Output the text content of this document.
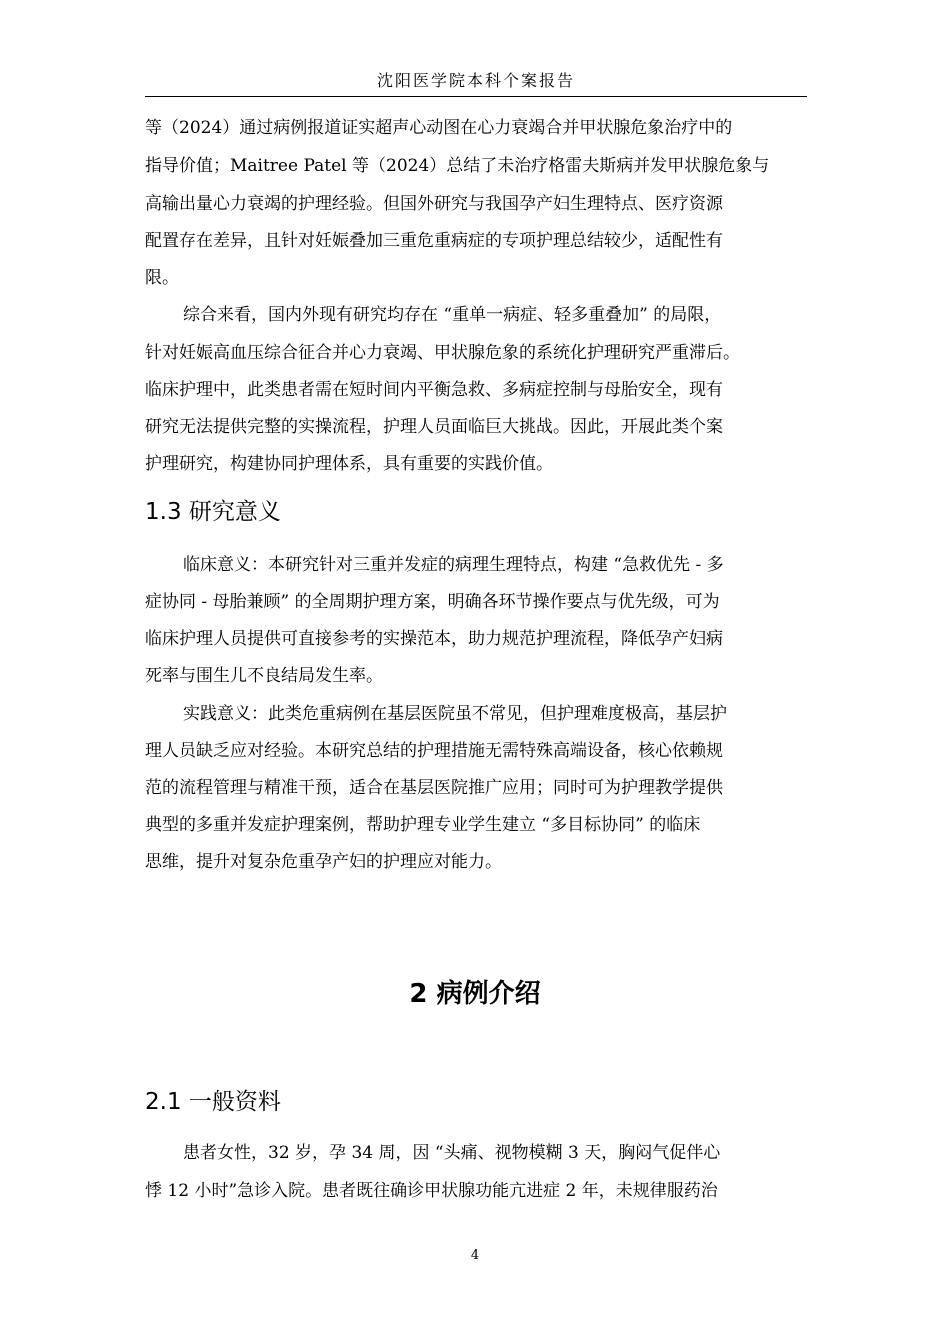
沈阳医学院本科个案报告
等（2024）通过病例报道证实超声心动图在心力衰竭合并甲状腺危象治疗中的
指导价值；Maitree Patel 等（2024）总结了未治疗格雷夫斯病并发甲状腺危象与
高输出量心力衰竭的护理经验。但国外研究与我国孕产妇生理特点、医疗资源
配置存在差异，且针对妊娠叠加三重危重病症的专项护理总结较少，适配性有
限。
综合来看，国内外现有研究均存在 “重单一病症、轻多重叠加” 的局限，
针对妊娠高血压综合征合并心力衰竭、甲状腺危象的系统化护理研究严重滞后。
临床护理中，此类患者需在短时间内平衡急救、多病症控制与母胎安全，现有
研究无法提供完整的实操流程，护理人员面临巨大挑战。因此，开展此类个案
护理研究，构建协同护理体系，具有重要的实践价值。
1.3 研究意义
临床意义：本研究针对三重并发症的病理生理特点，构建 “急救优先 - 多
症协同 - 母胎兼顾” 的全周期护理方案，明确各环节操作要点与优先级，可为
临床护理人员提供可直接参考的实操范本，助力规范护理流程，降低孕产妇病
死率与围生儿不良结局发生率。
实践意义：此类危重病例在基层医院虽不常见，但护理难度极高，基层护
理人员缺乏应对经验。本研究总结的护理措施无需特殊高端设备，核心依赖规
范的流程管理与精准干预，适合在基层医院推广应用；同时可为护理教学提供
典型的多重并发症护理案例，帮助护理专业学生建立 “多目标协同” 的临床
思维，提升对复杂危重孕产妇的护理应对能力。
2 病例介绍
2.1 一般资料
患者女性，32 岁，孕 34 周，因 “头痛、视物模糊 3 天，胸闷气促伴心
悸 12 小时”急诊入院。患者既往确诊甲状腺功能亢进症 2 年，未规律服药治
4
